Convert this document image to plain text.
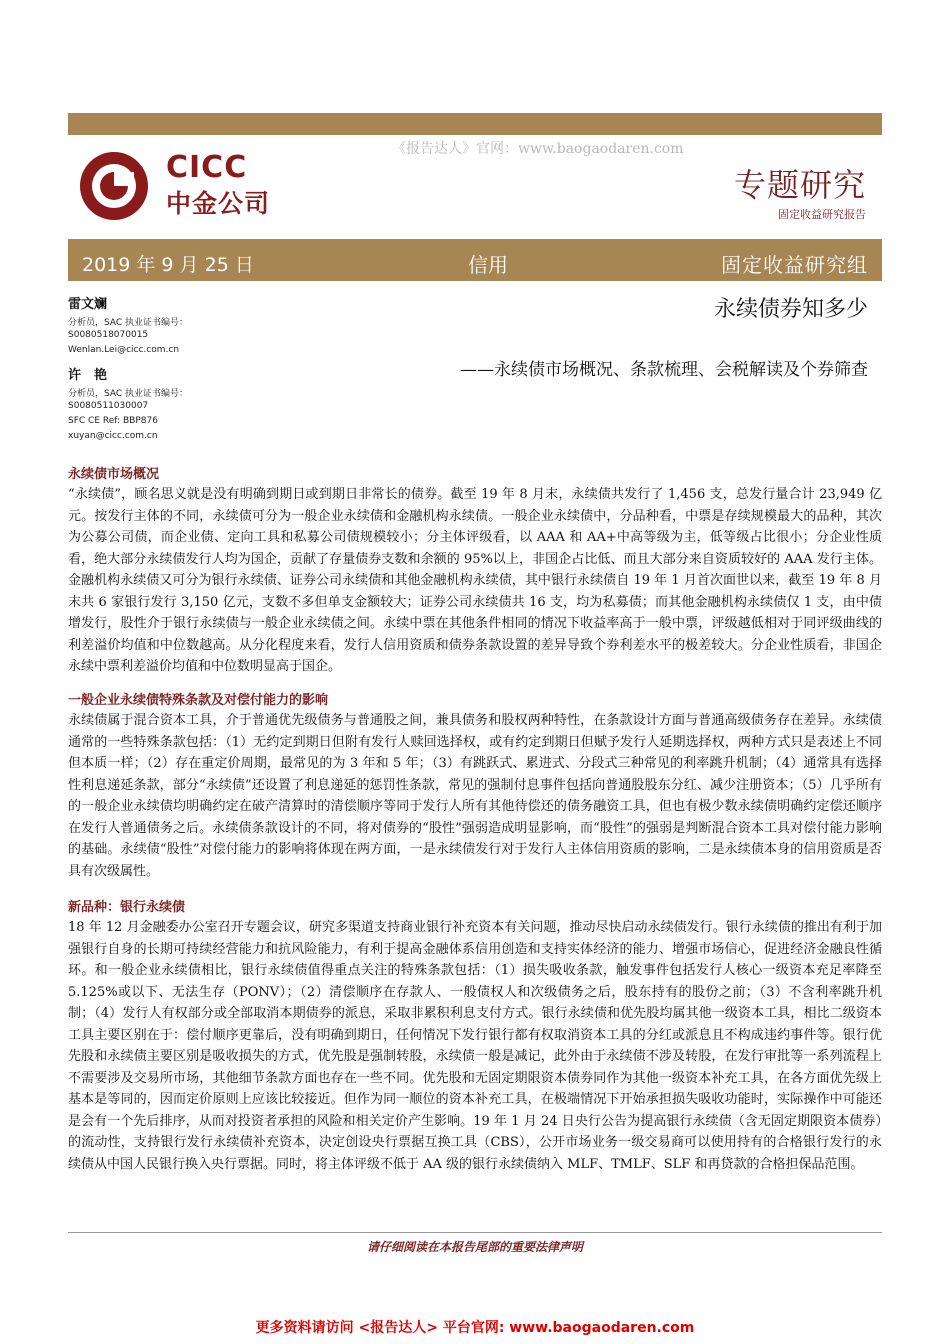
CICC
中金公司
《报告达人》官网：www.baogaodaren.com
专题研究
固定收益研究报告
2019 年 9 月 25 日	信用	固定收益研究组
雷文斓
分析员，SAC 执业证书编号：
S0080518070015
Wenlan.Lei@cicc.com.cn
许　艳
分析员，SAC 执业证书编号：
S0080511030007
SFC CE Ref: BBP876
xuyan@cicc.com.cn
永续债券知多少
——永续债市场概况、条款梳理、会税解读及个券筛查
永续债市场概况
“永续债”，顾名思义就是没有明确到期日或到期日非常长的债券。截至 19 年 8 月末，永续债共发行了 1,456 支，总发行量合计 23,949 亿元。按发行主体的不同，永续债可分为一般企业永续债和金融机构永续债。一般企业永续债中，分品种看，中票是存续规模最大的品种，其次为公募公司债，而企业债、定向工具和私募公司债规模较小；分主体评级看，以 AAA 和 AA+中高等级为主，低等级占比很小；分企业性质看，绝大部分永续债发行人均为国企，贡献了存量债券支数和余额的 95%以上，非国企占比低、而且大部分来自资质较好的 AAA 发行主体。金融机构永续债又可分为银行永续债、证券公司永续债和其他金融机构永续债，其中银行永续债自 19 年 1 月首次面世以来，截至 19 年 8 月末共 6 家银行发行 3,150 亿元，支数不多但单支金额较大；证券公司永续债共 16 支，均为私募债；而其他金融机构永续债仅 1 支，由中债增发行，股性介于银行永续债与一般企业永续债之间。永续中票在其他条件相同的情况下收益率高于一般中票，评级越低相对于同评级曲线的利差溢价均值和中位数越高。从分化程度来看，发行人信用资质和债券条款设置的差异导致个券利差水平的极差较大。分企业性质看，非国企永续中票利差溢价均值和中位数明显高于国企。
一般企业永续债特殊条款及对偿付能力的影响
永续债属于混合资本工具，介于普通优先级债务与普通股之间，兼具债务和股权两种特性，在条款设计方面与普通高级债务存在差异。永续债通常的一些特殊条款包括：（1）无约定到期日但附有发行人赎回选择权，或有约定到期日但赋予发行人延期选择权，两种方式只是表述上不同但本质一样；（2）存在重定价周期，最常见的为 3 年和 5 年；（3）有跳跃式、累进式、分段式三种常见的利率跳升机制；（4）通常具有选择性利息递延条款，部分“永续债”还设置了利息递延的惩罚性条款，常见的强制付息事件包括向普通股股东分红、减少注册资本；（5）几乎所有的一般企业永续债均明确约定在破产清算时的清偿顺序等同于发行人所有其他待偿还的债务融资工具，但也有极少数永续债明确约定偿还顺序在发行人普通债务之后。永续债条款设计的不同，将对债券的“股性”强弱造成明显影响，而“股性”的强弱是判断混合资本工具对偿付能力影响的基础。永续债“股性”对偿付能力的影响将体现在两方面，一是永续债发行对于发行人主体信用资质的影响，二是永续债本身的信用资质是否具有次级属性。
新品种：银行永续债
18 年 12 月金融委办公室召开专题会议，研究多渠道支持商业银行补充资本有关问题，推动尽快启动永续债发行。银行永续债的推出有利于加强银行自身的长期可持续经营能力和抗风险能力，有利于提高金融体系信用创造和支持实体经济的能力、增强市场信心，促进经济金融良性循环。和一般企业永续债相比，银行永续债值得重点关注的特殊条款包括：（1）损失吸收条款，触发事件包括发行人核心一级资本充足率降至 5.125%或以下、无法生存（PONV）；（2）清偿顺序在存款人、一般债权人和次级债务之后，股东持有的股份之前；（3）不含利率跳升机制；（4）发行人有权部分或全部取消本期债券的派息，采取非累积利息支付方式。银行永续债和优先股均属其他一级资本工具，相比二级资本工具主要区别在于：偿付顺序更靠后，没有明确到期日，任何情况下发行银行都有权取消资本工具的分红或派息且不构成违约事件等。银行优先股和永续债主要区别是吸收损失的方式，优先股是强制转股，永续债一般是减记，此外由于永续债不涉及转股，在发行审批等一系列流程上不需要涉及交易所市场，其他细节条款方面也存在一些不同。优先股和无固定期限资本债券同作为其他一级资本补充工具，在各方面优先级上基本是等同的，因而定价原则上应该比较接近。但作为同一顺位的资本补充工具，在极端情况下开始承担损失吸收功能时，实际操作中可能还是会有一个先后排序，从而对投资者承担的风险和相关定价产生影响。19 年 1 月 24 日央行公告为提高银行永续债（含无固定期限资本债券）的流动性，支持银行发行永续债补充资本，决定创设央行票据互换工具（CBS），公开市场业务一级交易商可以使用持有的合格银行发行的永续债从中国人民银行换入央行票据。同时，将主体评级不低于 AA 级的银行永续债纳入 MLF、TMLF、SLF 和再贷款的合格担保品范围。
请仔细阅读在本报告尾部的重要法律声明
更多资料请访问 <报告达人> 平台官网: www.baogaodaren.com
